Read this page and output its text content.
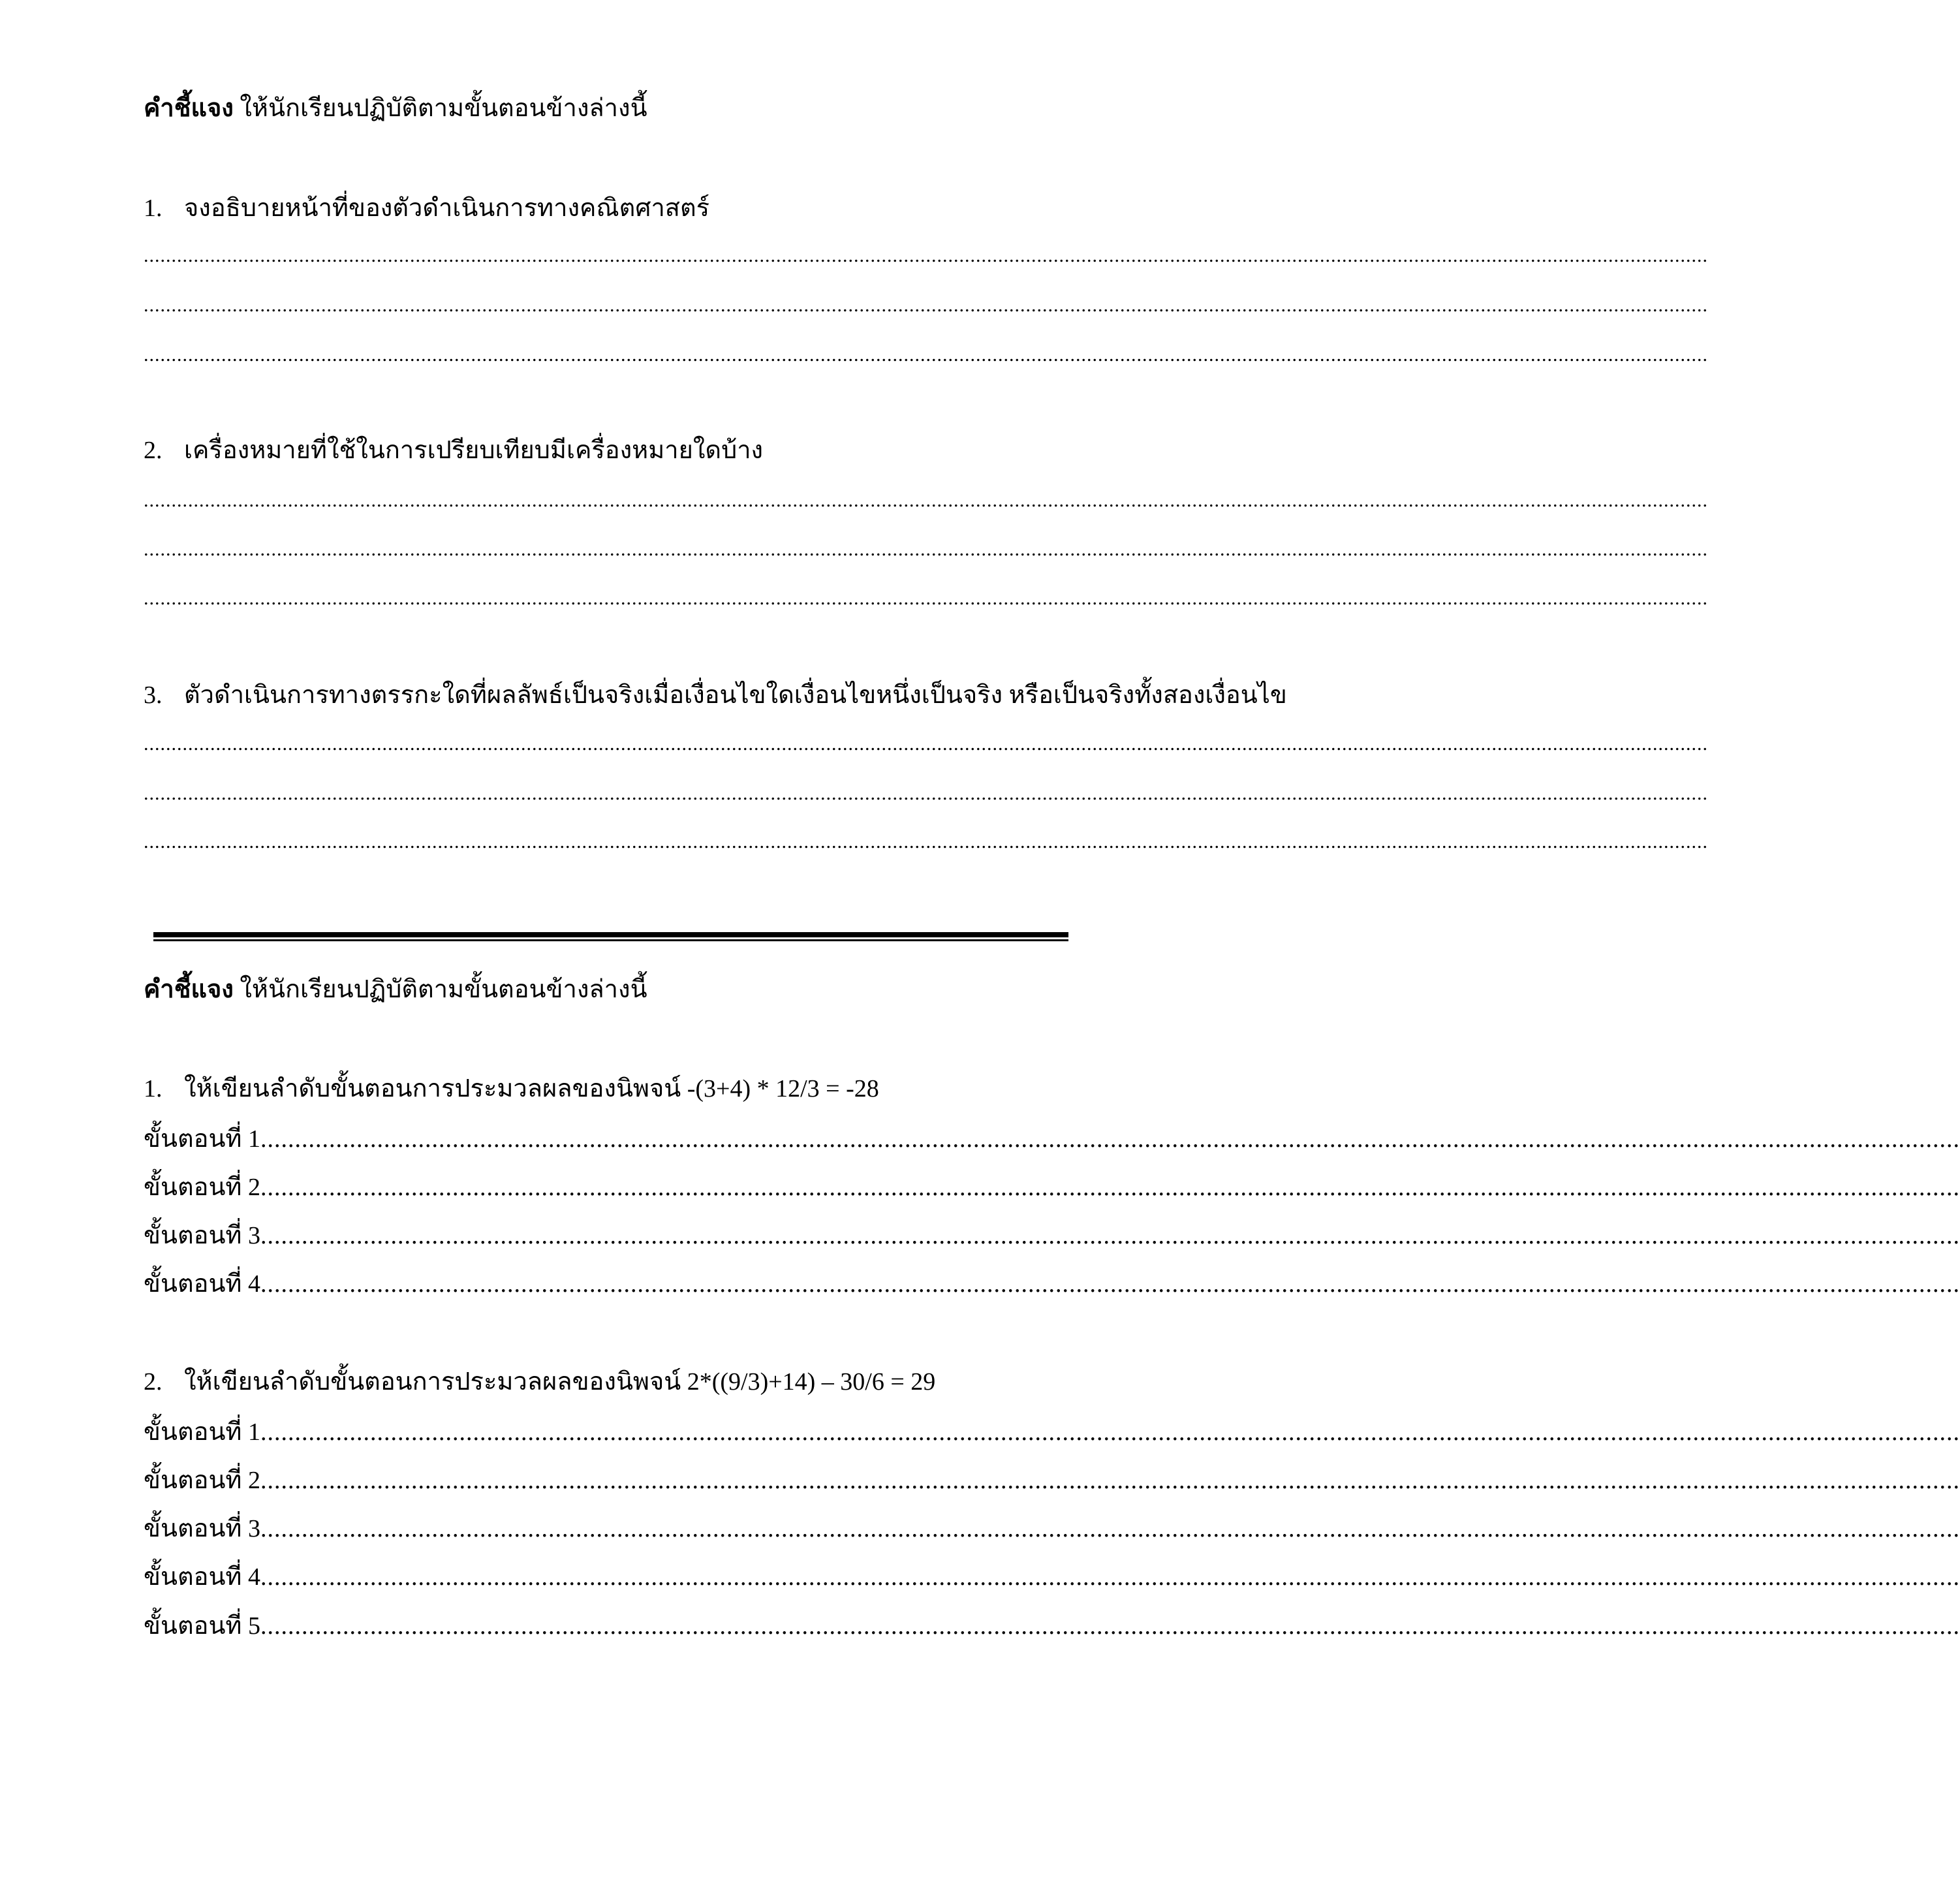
คำชี้แจง ให้นักเรียนปฏิบัติตามขั้นตอนข้างล่างนี้
1. จงอธิบายหน้าที่ของตัวดำเนินการทางคณิตศาสตร์
..........................................................................................................................................................................................................................................................................................
..........................................................................................................................................................................................................................................................................................
..........................................................................................................................................................................................................................................................................................
2. เครื่องหมายที่ใช้ในการเปรียบเทียบมีเครื่องหมายใดบ้าง
..........................................................................................................................................................................................................................................................................................
..........................................................................................................................................................................................................................................................................................
..........................................................................................................................................................................................................................................................................................
3. ตัวดำเนินการทางตรรกะใดที่ผลลัพธ์เป็นจริงเมื่อเงื่อนไขใดเงื่อนไขหนึ่งเป็นจริง หรือเป็นจริงทั้งสองเงื่อนไข
..........................................................................................................................................................................................................................................................................................
..........................................................................................................................................................................................................................................................................................
..........................................................................................................................................................................................................................................................................................
คำชี้แจง ให้นักเรียนปฏิบัติตามขั้นตอนข้างล่างนี้
1. ให้เขียนลำดับขั้นตอนการประมวลผลของนิพจน์ -(3+4) * 12/3 = -28
ขั้นตอนที่ 1........................................................................................................................................................................................................................................................
ขั้นตอนที่ 2........................................................................................................................................................................................................................................................
ขั้นตอนที่ 3........................................................................................................................................................................................................................................................
ขั้นตอนที่ 4........................................................................................................................................................................................................................................................
2. ให้เขียนลำดับขั้นตอนการประมวลผลของนิพจน์ 2*((9/3)+14) – 30/6 = 29
ขั้นตอนที่ 1........................................................................................................................................................................................................................................................
ขั้นตอนที่ 2........................................................................................................................................................................................................................................................
ขั้นตอนที่ 3........................................................................................................................................................................................................................................................
ขั้นตอนที่ 4........................................................................................................................................................................................................................................................
ขั้นตอนที่ 5........................................................................................................................................................................................................................................................
